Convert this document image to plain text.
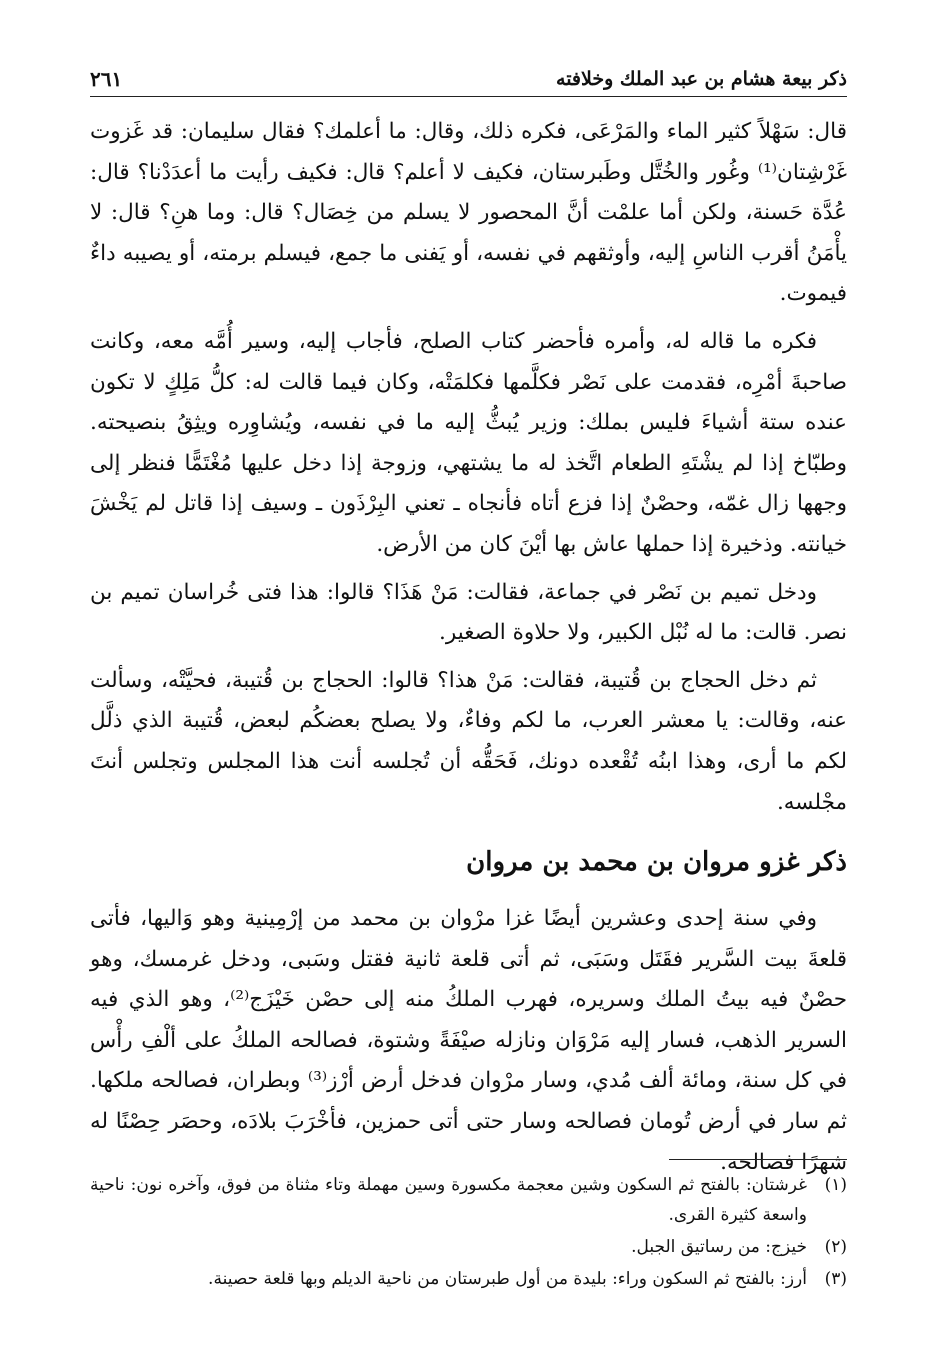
ذكر بيعة هشام بن عبد الملك وخلافته
٢٦١

قال: سَهْلاً كثير الماء والمَرْعَى، فكره ذلك، وقال: ما أعلمك؟ فقال سليمان: قد غَزوت غَرْشِتان⁽¹⁾ وغُور والخُتَّل وطَبرستان، فكيف لا أعلم؟ قال: فكيف رأيت ما أعدَدْنا؟ قال: عُدَّة حَسنة، ولكن أما علمْت أنَّ المحصور لا يسلم من خِصَال؟ قال: وما هنِ؟ قال: لا يأْمَنُ أقرب الناسِ إليه، وأوثقهم في نفسه، أو يَفنى ما جمع، فيسلم برمته، أو يصيبه داءٌ فيموت.

فكره ما قاله له، وأمره فأحضر كتاب الصلح، فأجاب إليه، وسير أُمَّه معه، وكانت صاحبةَ أمْرِه، فقدمت على نَصْر فكلَّمها فكلمَتْه، وكان فيما قالت له: كلُّ مَلِكٍ لا تكون عنده ستة أشياءَ فليس بملك: وزير يُبثُّ إليه ما في نفسه، ويُشاوِره ويثِقُ بنصيحته. وطبّاخ إذا لم يشْتَهِ الطعام اتَّخذ له ما يشتهي، وزوجة إذا دخل عليها مُغْتَمًّا فنظر إلى وجهها زال غمّه، وحصْنٌ إذا فزع أتاه فأنجاه ـ تعني البِرْذَون ـ وسيف إذا قاتل لم يَخْشَ خيانته. وذخيرة إذا حملها عاش بها أيْنَ كان من الأرض.

ودخل تميم بن نَصْر في جماعة، فقالت: مَنْ هَذَا؟ قالوا: هذا فتى خُراسان تميم بن نصر. قالت: ما له نُبْل الكبير، ولا حلاوة الصغير.

ثم دخل الحجاج بن قُتيبة، فقالت: مَنْ هذا؟ قالوا: الحجاج بن قُتيبة، فحيَّتْه، وسألت عنه، وقالت: يا معشر العرب، ما لكم وفاءٌ، ولا يصلح بعضكُم لبعض، قُتيبة الذي ذلَّل لكم ما أرى، وهذا ابنُه تُقْعده دونك، فَحَقُّه أن تُجلسه أنت هذا المجلس وتجلس أنتَ مجْلسه.

ذكر غزو مروان بن محمد بن مروان

وفي سنة إحدى وعشرين أيضًا غزا مرْوان بن محمد من إرْمِينية وهو وَاليها، فأتى قلعةَ بيت السَّرير فقَتَل وسَبَى، ثم أتى قلعة ثانية فقتل وسَبى، ودخل غرمسك، وهو حصْنٌ فيه بيتُ الملك وسريره، فهرب الملكُ منه إلى حصْن خَيْزَج⁽²⁾، وهو الذي فيه السرير الذهب، فسار إليه مَرْوَان ونازله صيْفَةً وشتوة، فصالحه الملكُ على ألْفِ رأْس في كل سنة، ومائة ألف مُدي، وسار مرْوان فدخل أرض أرْز⁽³⁾ وبطران، فصالحه ملكها. ثم سار في أرض تُومان فصالحه وسار حتى أتى حمزين، فأخْرَبَ بلادَه، وحصَر حِصْنًا له شهرًا فصالحه.

(١)
غرشتان: بالفتح ثم السكون وشين معجمة مكسورة وسين مهملة وتاء مثناة من فوق، وآخره نون: ناحية واسعة كثيرة القرى.
(٢)
خيزج: من رساتيق الجبل.
(٣)
أرز: بالفتح ثم السكون وراء: بليدة من أول طبرستان من ناحية الديلم وبها قلعة حصينة.
